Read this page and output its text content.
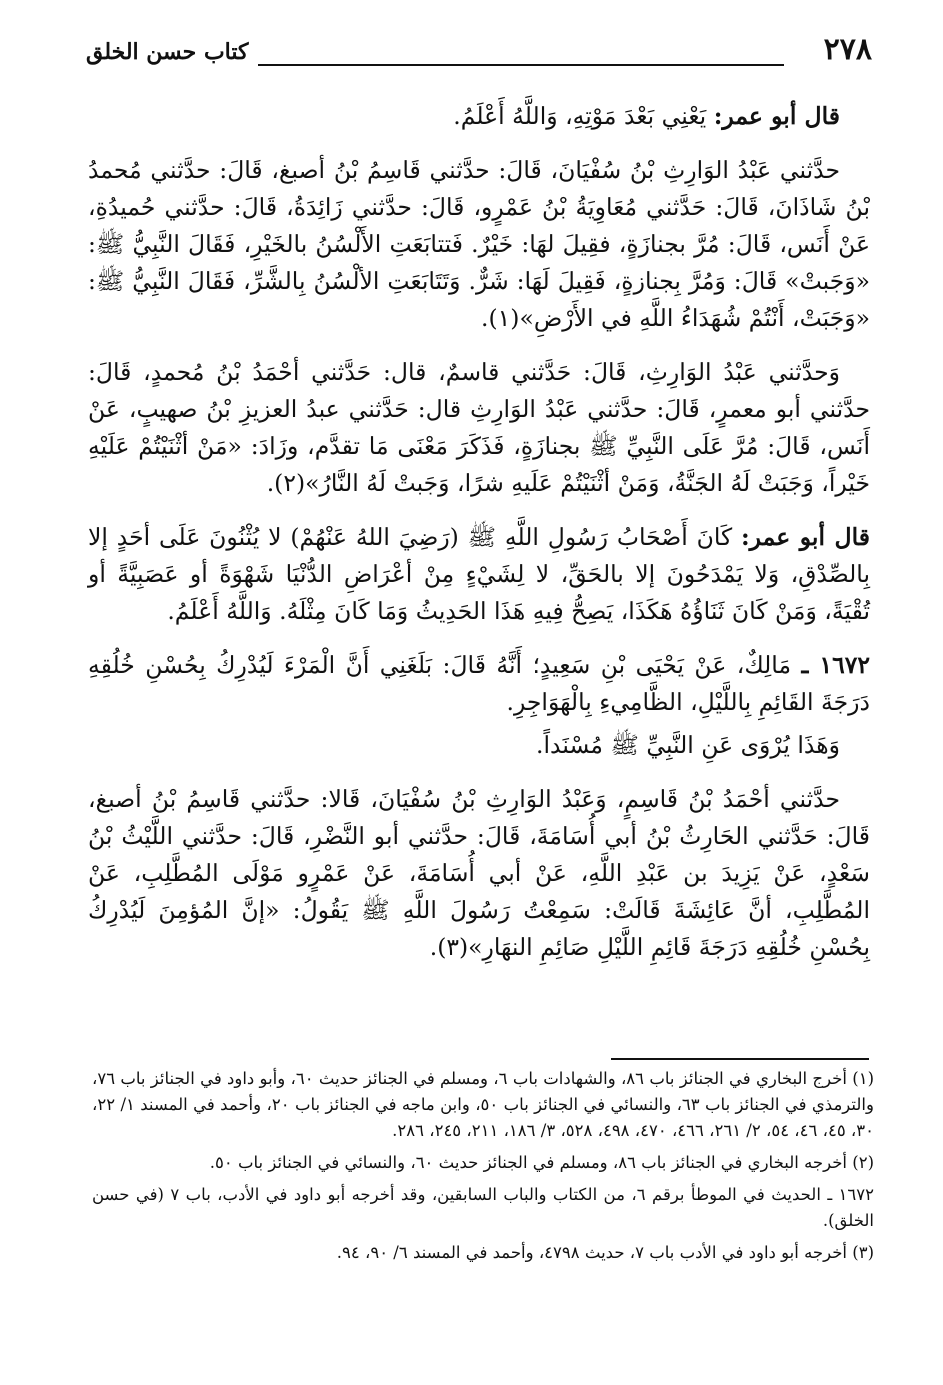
٢٧٨
كتاب حسن الخلق

قال أبو عمر: يَعْنِي بَعْدَ مَوْتِهِ، وَاللَّهُ أَعْلَمُ.

حدَّثني عَبْدُ الوَارِثِ بْنُ سُفْيَانَ، قَالَ: حدَّثني قَاسِمُ بْنُ أصبغ، قَالَ: حدَّثني مُحمدُ بْنُ شَاذَانَ، قَالَ: حَدَّثني مُعَاوِيَةُ بْنُ عَمْرٍو، قَالَ: حدَّثني زَائِدَةُ، قَالَ: حدَّثني حُميدُةِ، عَنْ أَنَس، قَالَ: مُرَّ بجنازَةٍ، فقِيلَ لهَا: خَيْرٌ. فَتتابَعَتِ الأَلْسُنُ بالخَيْرِ، فَقَالَ النَّبِيُّ ﷺ: «وَجَبتْ» قَالَ: وَمُرَّ بِجنازةٍ، فَقِيلَ لَهَا: شَرٌّ. وَتَتَابَعَتِ الألْسُنُ بِالشَّرِّ، فَقَالَ النَّبِيُّ ﷺ: «وَجَبَتْ، أَنْتُمْ شُهَدَاءُ اللَّهِ في الأَرْضِ»(١).

وَحدَّثني عَبْدُ الوَارِثِ، قَالَ: حَدَّثني قاسمٌ، قال: حَدَّثني أحْمَدُ بْنُ مُحمدٍ، قَالَ: حدَّثني أبو معمرٍ، قَالَ: حدَّثني عَبْدُ الوَارِثِ قال: حَدَّثني عبدُ العزيزِ بْنُ صهيبٍ، عَنْ أَنَس، قَالَ: مُرَّ عَلَى النَّبِيِّ ﷺ بجنازَةٍ، فَذَكَرَ مَعْنَى مَا تقدَّم، وزَادَ: «مَنْ أثْنَيْتُمْ عَلَيْهِ خَيْراً، وَجَبَتْ لَهُ الجَنَّةُ، وَمَنْ أثْنَيْتُمْ عَلَيهِ شرًا، وَجَبتْ لَهُ النَّارُ»(٢).

قال أبو عمر: كَانَ أَصْحَابُ رَسُولِ اللَّهِ ﷺ (رَضِيَ اللهُ عَنْهُمْ) لا يُثْنُونَ عَلَى أحَدٍ إلا بِالصِّدْقِ، وَلا يَمْدَحُونَ إلا بالحَقِّ، لا لِشَيْءٍ مِنْ أعْرَاضِ الدُّنْيَا شَهْوَةً أو عَصَبِيَّةً أو تُقْيَةً، وَمَنْ كَانَ ثَنَاؤُهُ هَكَذَا، يَصِحُّ فِيهِ هَذَا الحَدِيثُ وَمَا كَانَ مِثْلَهُ. وَاللَّهُ أَعْلَمُ.

١٦٧٢ ـ مَالِكٌ، عَنْ يَحْيَى بْنِ سَعِيدٍ؛ أَنَّهُ قَالَ: بَلَغَنِي أَنَّ الْمَرْءَ لَيُدْرِكُ بِحُسْنِ خُلُقِهِ دَرَجَةَ القَائِمِ بِاللَّيْلِ، الظَّامِيءِ بِالْهَوَاجِرِ.

وَهَذَا يُرْوَى عَنِ النَّبِيِّ ﷺ مُسْنَداً.

حدَّثني أحْمَدُ بْنُ قَاسِمٍ، وَعَبْدُ الوَارِثِ بْنُ سُفْيَانَ، قَالا: حدَّثني قَاسِمُ بْنُ أصبغ، قَالَ: حَدَّثني الحَارِثُ بْنُ أبي أُسَامَةَ، قَالَ: حدَّثني أبو النَّضْرِ، قَالَ: حدَّثني اللَّيْثُ بْنُ سَعْدٍ، عَنْ يَزِيدَ بن عَبْدِ اللَّهِ، عَنْ أبي أُسَامَةَ، عَنْ عَمْرٍو مَوْلَى المُطَّلِبِ، عَنْ المُطَّلِبِ، أنَّ عَائِشَةَ قَالَتْ: سَمِعْتُ رَسُولَ اللَّهِ ﷺ يَقُولُ: «إنَّ المُؤمِنَ لَيُدْرِكُ بِحُسْنِ خُلُقِهِ دَرَجَةَ قَائِمِ اللَّيْلِ صَائِمِ النهَارِ»(٣).

(١) أخرج البخاري في الجنائز باب ٨٦، والشهادات باب ٦، ومسلم في الجنائز حديث ٦٠، وأبو داود في الجنائز باب ٧٦، والترمذي في الجنائز باب ٦٣، والنسائي في الجنائز باب ٥٠، وابن ماجه في الجنائز باب ٢٠، وأحمد في المسند ١/ ٢٢، ٣٠، ٤٥، ٤٦، ٥٤، ٢/ ٢٦١، ٤٦٦، ٤٧٠، ٤٩٨، ٥٢٨، ٣/ ١٨٦، ٢١١، ٢٤٥، ٢٨٦.

(٢) أخرجه البخاري في الجنائز باب ٨٦، ومسلم في الجنائز حديث ٦٠، والنسائي في الجنائز باب ٥٠.

١٦٧٢ ـ الحديث في الموطأ برقم ٦، من الكتاب والباب السابقين، وقد أخرجه أبو داود في الأدب، باب ٧ (في حسن الخلق).

(٣) أخرجه أبو داود في الأدب باب ٧، حديث ٤٧٩٨، وأحمد في المسند ٦/ ٩٠، ٩٤.
